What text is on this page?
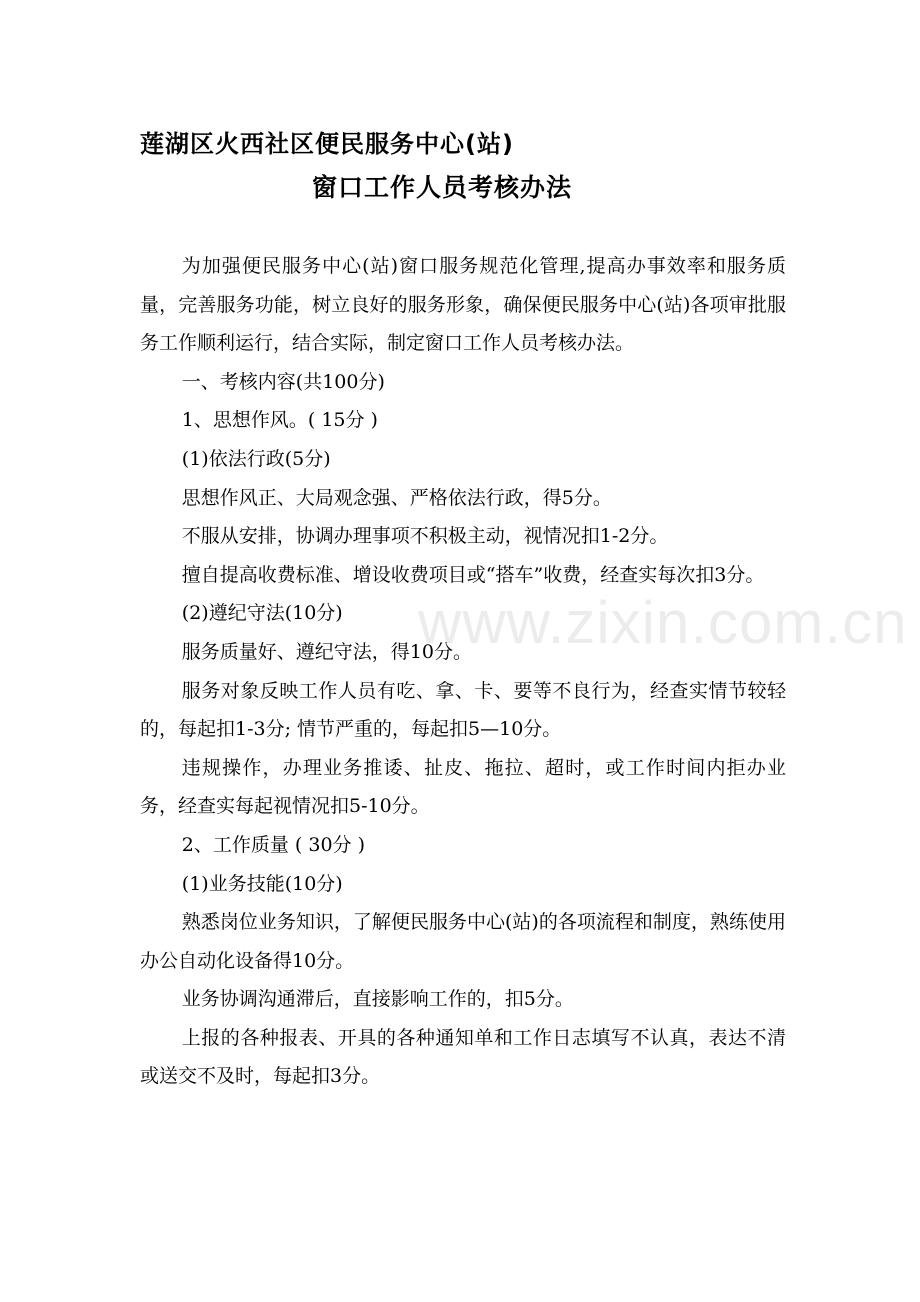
莲湖区火西社区便民服务中心(站)
窗口工作人员考核办法

为加强便民服务中心(站)窗口服务规范化管理,提高办事效率和服务质量，完善服务功能，树立良好的服务形象，确保便民服务中心(站)各项审批服务工作顺利运行，结合实际，制定窗口工作人员考核办法。

一、考核内容(共100分)

1、思想作风。( 15分 )

(1)依法行政(5分)

思想作风正、大局观念强、严格依法行政，得5分。

不服从安排，协调办理事项不积极主动，视情况扣1-2分。

擅自提高收费标准、增设收费项目或“搭车”收费，经查实每次扣3分。

(2)遵纪守法(10分)

服务质量好、遵纪守法，得10分。

服务对象反映工作人员有吃、拿、卡、要等不良行为，经查实情节较轻的，每起扣1-3分; 情节严重的，每起扣5—10分。

违规操作，办理业务推诿、扯皮、拖拉、超时，或工作时间内拒办业务，经查实每起视情况扣5-10分。

2、工作质量 ( 30分 )

(1)业务技能(10分)

熟悉岗位业务知识，了解便民服务中心(站)的各项流程和制度，熟练使用办公自动化设备得10分。

业务协调沟通滞后，直接影响工作的，扣5分。

上报的各种报表、开具的各种通知单和工作日志填写不认真，表达不清或送交不及时，每起扣3分。

www.zixin.com.cn
